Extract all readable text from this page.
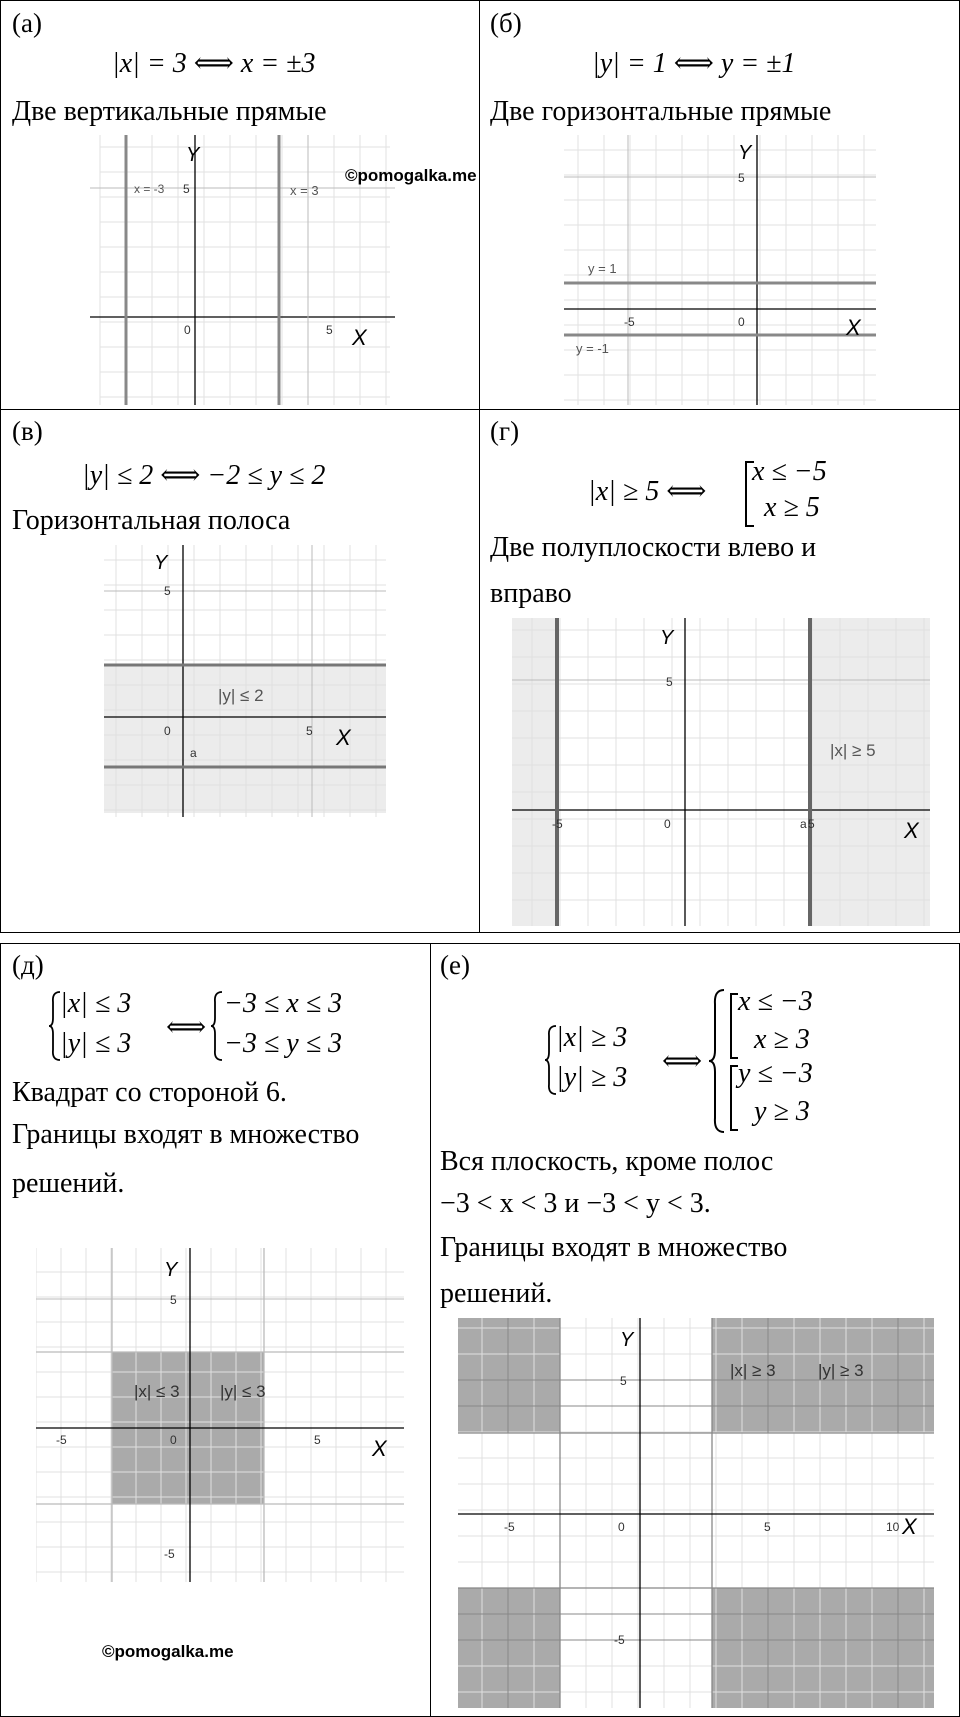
(а)
|x| = 3 ⟺ x = ±3
Две вертикальные прямые
x = -3	x = 3
Y
5
0	5 X
©pomogalka.me
(б)
|y| = 1 ⟺ y = ±1
Две горизонтальные прямые
y = 1
y = -1
Y
5
-5	0	X
(в)
|y| ≤ 2 ⟺ −2 ≤ y ≤ 2
Горизонтальная полоса
|y| ≤ 2
Y
5
0	5 X
a
(г)
|x| ≥ 5 ⟺
x ≤ −5
x ≥ 5
Две полуплоскости влево и
вправо
|x| ≥ 5
Y
5
-5	0	a 5	X
(д)
|x| ≤ 3
|y| ≤ 3
⟺
−3 ≤ x ≤ 3
−3 ≤ y ≤ 3
Квадрат со стороной 6.
Границы входят в множество
решений.
|x| ≤ 3 |y| ≤ 3
Y
5
-5
-5	0	5 X
©pomogalka.me
(е)
|x| ≥ 3
|y| ≥ 3
⟺
x ≤ −3
x ≥ 3
y ≤ −3
y ≥ 3
Вся плоскость, кроме полос
−3 < x < 3 и −3 < y < 3.
Границы входят в множество
решений.
|x| ≥ 3 |y| ≥ 3
Y
5
-5
-5	0	5	10 X
